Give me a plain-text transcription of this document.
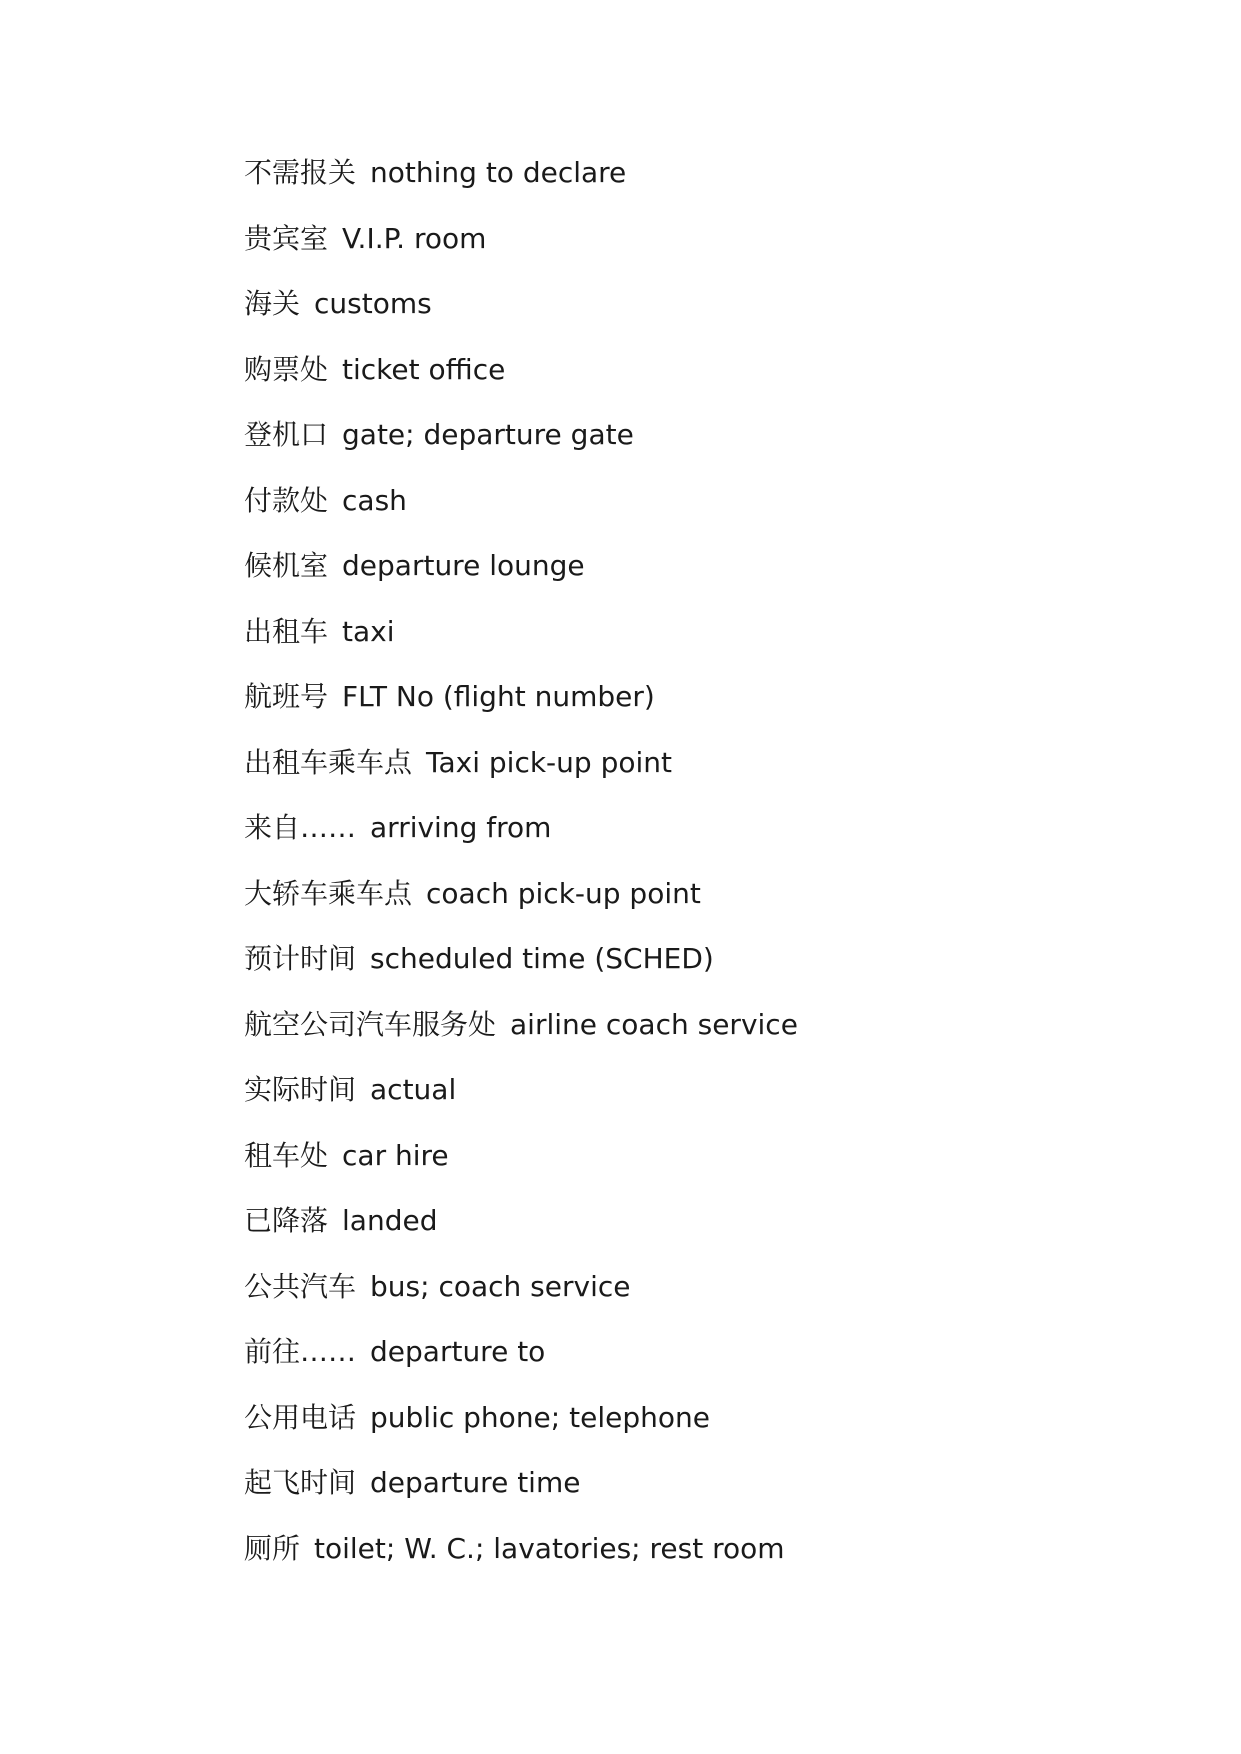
不需报关 nothing to declare
贵宾室 V.I.P. room
海关 customs
购票处 ticket office
登机口 gate; departure gate
付款处 cash
候机室 departure lounge
出租车 taxi
航班号 FLT No (flight number)
出租车乘车点 Taxi pick-up point
来自…… arriving from
大轿车乘车点 coach pick-up point
预计时间 scheduled time (SCHED)
航空公司汽车服务处 airline coach service
实际时间 actual
租车处 car hire
已降落 landed
公共汽车 bus; coach service
前往…… departure to
公用电话 public phone; telephone
起飞时间 departure time
厕所 toilet; W. C.; lavatories; rest room
